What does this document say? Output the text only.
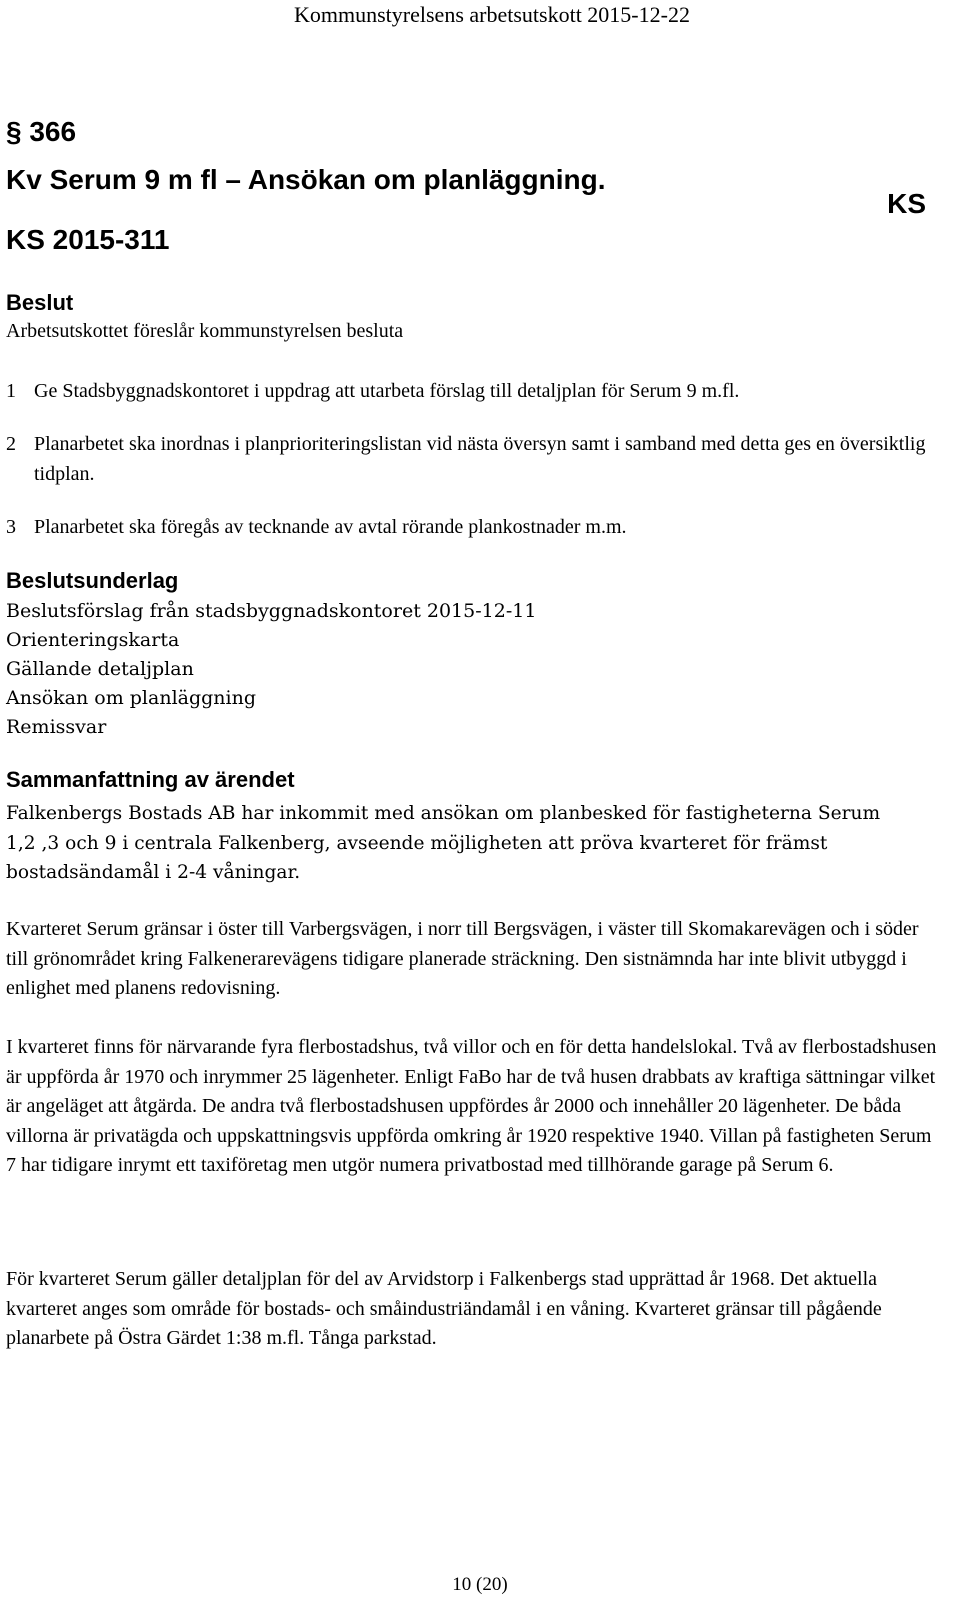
Kommunstyrelsens arbetsutskott 2015-12-22
§ 366
Kv Serum 9 m fl – Ansökan om planläggning.
KS
KS 2015-311
Beslut
Arbetsutskottet föreslår kommunstyrelsen besluta
1 Ge Stadsbyggnadskontoret i uppdrag att utarbeta förslag till detaljplan för Serum 9 m.fl.
2 Planarbetet ska inordnas i planprioriteringslistan vid nästa översyn samt i samband med detta ges en översiktlig tidplan.
3 Planarbetet ska föregås av tecknande av avtal rörande plankostnader m.m.
Beslutsunderlag
Beslutsförslag från stadsbyggnadskontoret 2015-12-11
Orienteringskarta
Gällande detaljplan
Ansökan om planläggning
Remissvar
Sammanfattning av ärendet
Falkenbergs Bostads AB har inkommit med ansökan om planbesked för fastigheterna Serum 1,2 ,3 och 9 i centrala Falkenberg, avseende möjligheten att pröva kvarteret för främst bostadsändamål i 2-4 våningar.
Kvarteret Serum gränsar i öster till Varbergsvägen, i norr till Bergsvägen, i väster till Skomakarevägen och i söder till grönområdet kring Falkenerarevägens tidigare planerade sträckning. Den sistnämnda har inte blivit utbyggd i enlighet med planens redovisning.
I kvarteret finns för närvarande fyra flerbostadshus, två villor och en för detta handelslokal. Två av flerbostadshusen är uppförda år 1970 och inrymmer 25 lägenheter. Enligt FaBo har de två husen drabbats av kraftiga sättningar vilket är angeläget att åtgärda. De andra två flerbostadshusen uppfördes år 2000 och innehåller 20 lägenheter. De båda villorna är privatägda och uppskattningsvis uppförda omkring år 1920 respektive 1940. Villan på fastigheten Serum 7 har tidigare inrymt ett taxiföretag men utgör numera privatbostad med tillhörande garage på Serum 6.
För kvarteret Serum gäller detaljplan för del av Arvidstorp i Falkenbergs stad upprättad år 1968. Det aktuella kvarteret anges som område för bostads- och småindustriändamål i en våning. Kvarteret gränsar till pågående planarbete på Östra Gärdet 1:38 m.fl. Tånga parkstad.
10 (20)
